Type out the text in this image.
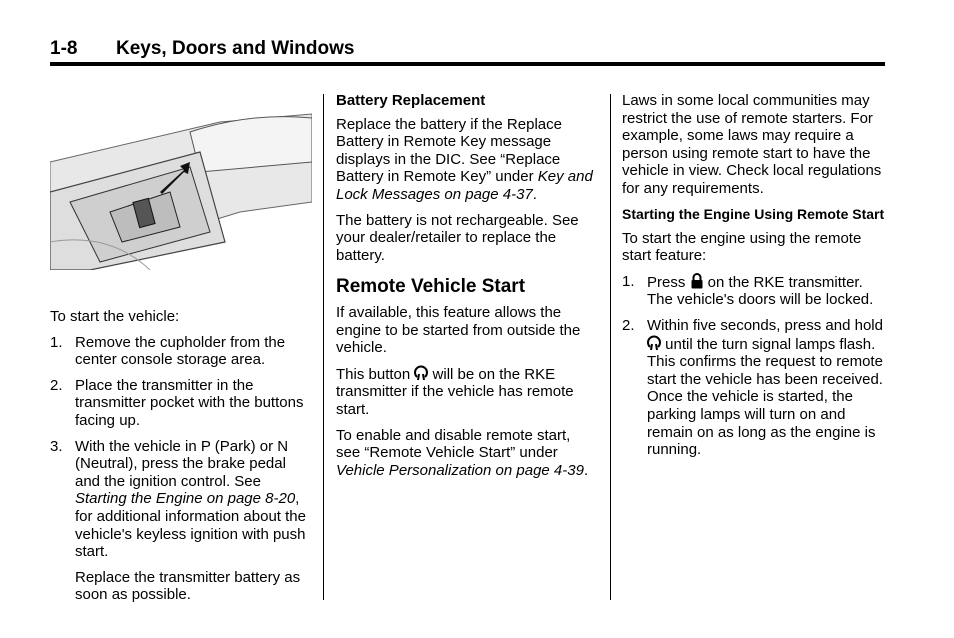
1-8 Keys, Doors and Windows

To start the vehicle:

1. Remove the cupholder from the center console storage area.
2. Place the transmitter in the transmitter pocket with the buttons facing up.
3. With the vehicle in P (Park) or N (Neutral), press the brake pedal and the ignition control. See Starting the Engine on page 8-20, for additional information about the vehicle's keyless ignition with push start.

Replace the transmitter battery as soon as possible.

Battery Replacement

Replace the battery if the Replace Battery in Remote Key message displays in the DIC. See “Replace Battery in Remote Key” under Key and Lock Messages on page 4-37.

The battery is not rechargeable. See your dealer/retailer to replace the battery.

Remote Vehicle Start

If available, this feature allows the engine to be started from outside the vehicle.

This button  will be on the RKE transmitter if the vehicle has remote start.

To enable and disable remote start, see “Remote Vehicle Start” under Vehicle Personalization on page 4-39.

Laws in some local communities may restrict the use of remote starters. For example, some laws may require a person using remote start to have the vehicle in view. Check local regulations for any requirements.

Starting the Engine Using Remote Start

To start the engine using the remote start feature:

1. Press  on the RKE transmitter. The vehicle's doors will be locked.
2. Within five seconds, press and hold  until the turn signal lamps flash. This confirms the request to remote start the vehicle has been received. Once the vehicle is started, the parking lamps will turn on and remain on as long as the engine is running.
